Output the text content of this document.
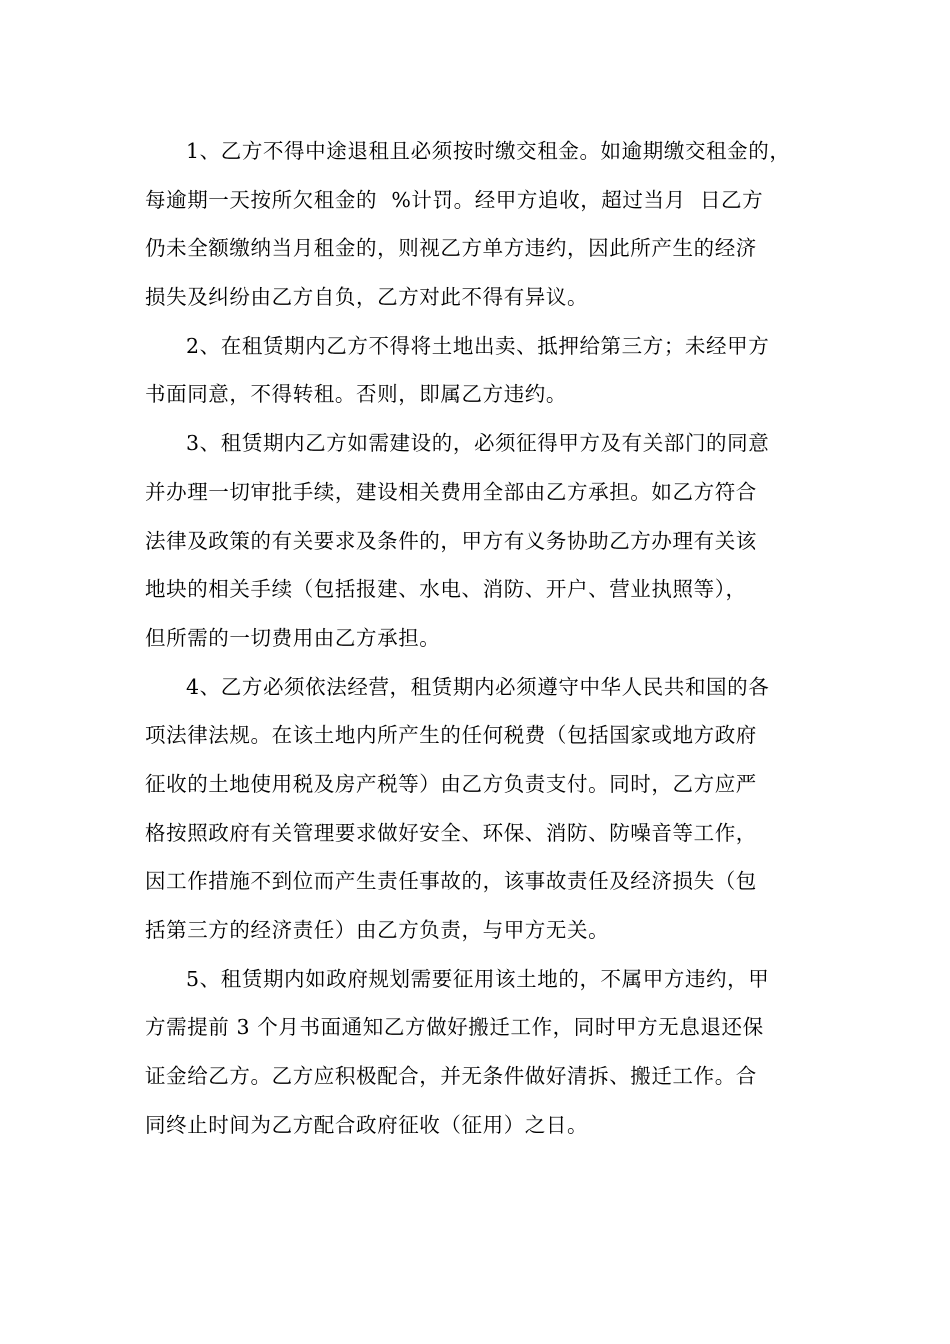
1、乙方不得中途退租且必须按时缴交租金。如逾期缴交租金的，
每逾期一天按所欠租金的  %计罚。经甲方追收，超过当月  日乙方
仍未全额缴纳当月租金的，则视乙方单方违约，因此所产生的经济
损失及纠纷由乙方自负，乙方对此不得有异议。
2、在租赁期内乙方不得将土地出卖、抵押给第三方；未经甲方
书面同意，不得转租。否则，即属乙方违约。
3、租赁期内乙方如需建设的，必须征得甲方及有关部门的同意
并办理一切审批手续，建设相关费用全部由乙方承担。如乙方符合
法律及政策的有关要求及条件的，甲方有义务协助乙方办理有关该
地块的相关手续（包括报建、水电、消防、开户、营业执照等），
但所需的一切费用由乙方承担。
4、乙方必须依法经营，租赁期内必须遵守中华人民共和国的各
项法律法规。在该土地内所产生的任何税费（包括国家或地方政府
征收的土地使用税及房产税等）由乙方负责支付。同时，乙方应严
格按照政府有关管理要求做好安全、环保、消防、防噪音等工作，
因工作措施不到位而产生责任事故的，该事故责任及经济损失（包
括第三方的经济责任）由乙方负责，与甲方无关。
5、租赁期内如政府规划需要征用该土地的，不属甲方违约，甲
方需提前 3 个月书面通知乙方做好搬迁工作，同时甲方无息退还保
证金给乙方。乙方应积极配合，并无条件做好清拆、搬迁工作。合
同终止时间为乙方配合政府征收（征用）之日。
